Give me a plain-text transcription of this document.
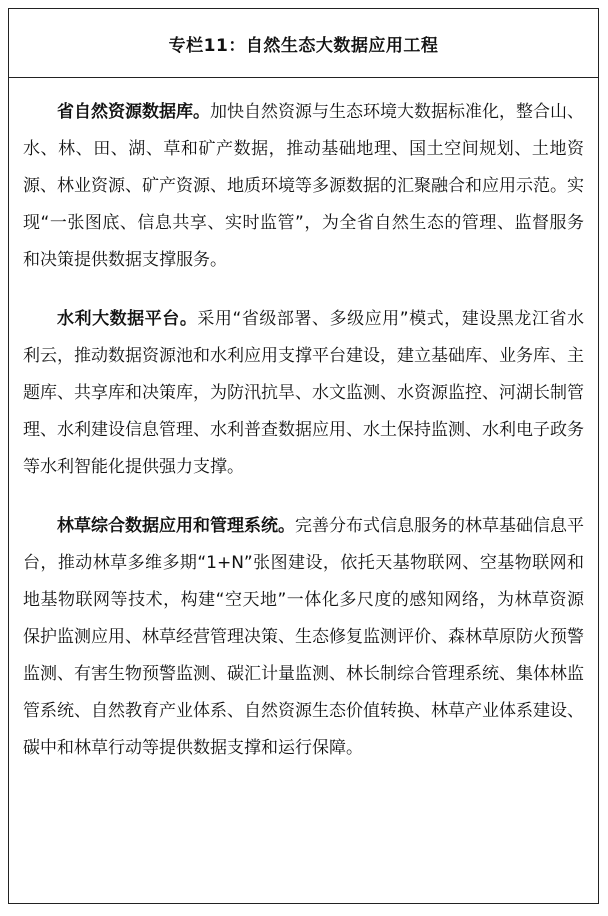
专栏11：自然生态大数据应用工程

省自然资源数据库。加快自然资源与生态环境大数据标准化，整合山、水、林、田、湖、草和矿产数据，推动基础地理、国土空间规划、土地资源、林业资源、矿产资源、地质环境等多源数据的汇聚融合和应用示范。实现“一张图底、信息共享、实时监管”，为全省自然生态的管理、监督服务和决策提供数据支撑服务。

水利大数据平台。采用“省级部署、多级应用”模式，建设黑龙江省水利云，推动数据资源池和水利应用支撑平台建设，建立基础库、业务库、主题库、共享库和决策库，为防汛抗旱、水文监测、水资源监控、河湖长制管理、水利建设信息管理、水利普查数据应用、水土保持监测、水利电子政务等水利智能化提供强力支撑。

林草综合数据应用和管理系统。完善分布式信息服务的林草基础信息平台，推动林草多维多期“1+N”张图建设，依托天基物联网、空基物联网和地基物联网等技术，构建“空天地”一体化多尺度的感知网络，为林草资源保护监测应用、林草经营管理决策、生态修复监测评价、森林草原防火预警监测、有害生物预警监测、碳汇计量监测、林长制综合管理系统、集体林监管系统、自然教育产业体系、自然资源生态价值转换、林草产业体系建设、碳中和林草行动等提供数据支撑和运行保障。
